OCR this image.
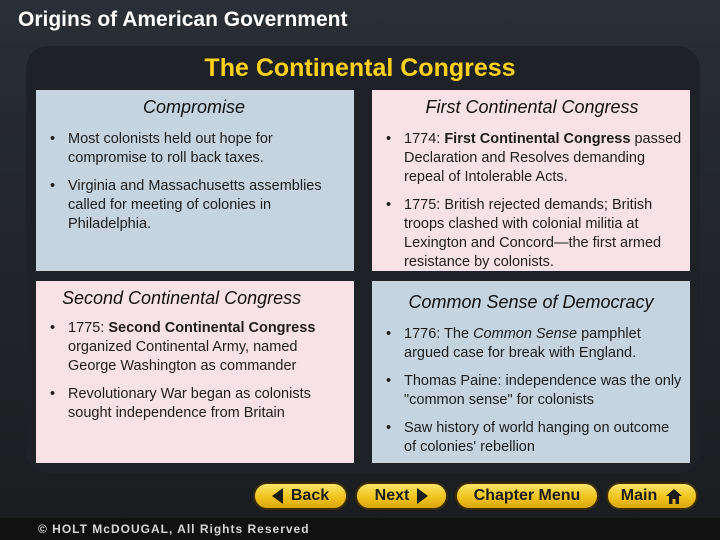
Origins of American Government
The Continental Congress
Compromise
• Most colonists held out hope for compromise to roll back taxes.
• Virginia and Massachusetts assemblies called for meeting of colonies in Philadelphia.
First Continental Congress
• 1774: First Continental Congress passed Declaration and Resolves demanding repeal of Intolerable Acts.
• 1775: British rejected demands; British troops clashed with colonial militia at Lexington and Concord—the first armed resistance by colonists.
Second Continental Congress
• 1775: Second Continental Congress organized Continental Army, named George Washington as commander
• Revolutionary War began as colonists sought independence from Britain
Common Sense of Democracy
• 1776: The Common Sense pamphlet argued case for break with England.
• Thomas Paine: independence was the only "common sense" for colonists
• Saw history of world hanging on outcome of colonies' rebellion
Back	Next	Chapter Menu	Main
© HOLT McDOUGAL, All Rights Reserved
